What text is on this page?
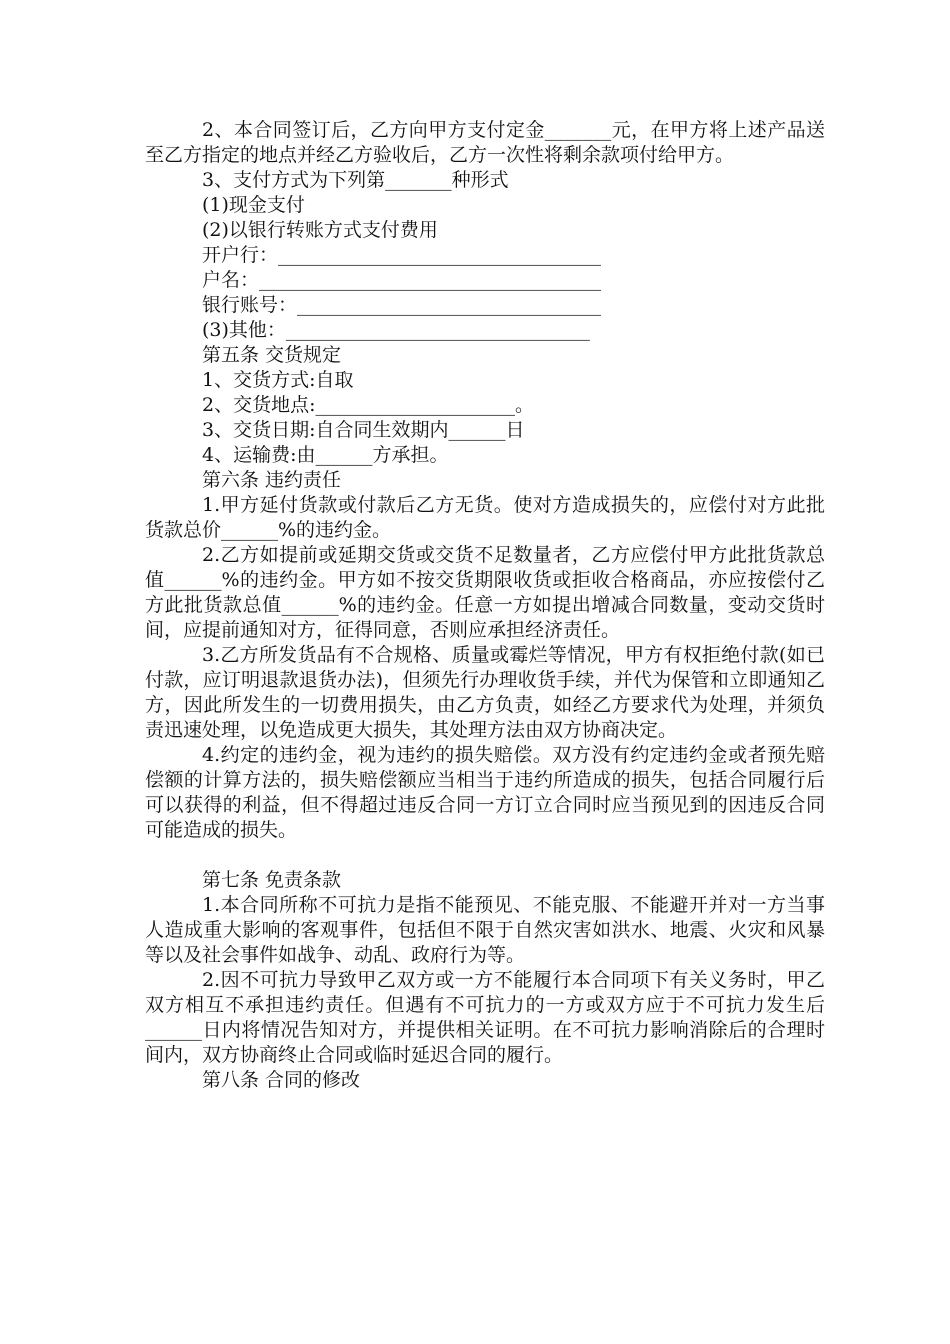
2、本合同签订后，乙方向甲方支付定金_______元，在甲方将上述产品送至乙方指定的地点并经乙方验收后，乙方一次性将剩余款项付给甲方。

3、支付方式为下列第_______种形式

(1)现金支付

(2)以银行转账方式支付费用

开户行：__________________________________

户名：____________________________________

银行账号：________________________________

(3)其他：________________________________

第五条 交货规定

1、交货方式:自取

2、交货地点:_____________________。

3、交货日期:自合同生效期内______日

4、运输费:由______方承担。

第六条 违约责任

1.甲方延付货款或付款后乙方无货。使对方造成损失的，应偿付对方此批货款总价______%的违约金。

2.乙方如提前或延期交货或交货不足数量者，乙方应偿付甲方此批货款总值______%的违约金。甲方如不按交货期限收货或拒收合格商品，亦应按偿付乙方此批货款总值______%的违约金。任意一方如提出增减合同数量，变动交货时间，应提前通知对方，征得同意，否则应承担经济责任。

3.乙方所发货品有不合规格、质量或霉烂等情况，甲方有权拒绝付款(如已付款，应订明退款退货办法)，但须先行办理收货手续，并代为保管和立即通知乙方，因此所发生的一切费用损失，由乙方负责，如经乙方要求代为处理，并须负责迅速处理，以免造成更大损失，其处理方法由双方协商决定。

4.约定的违约金，视为违约的损失赔偿。双方没有约定违约金或者预先赔偿额的计算方法的，损失赔偿额应当相当于违约所造成的损失，包括合同履行后可以获得的利益，但不得超过违反合同一方订立合同时应当预见到的因违反合同可能造成的损失。

第七条 免责条款

1.本合同所称不可抗力是指不能预见、不能克服、不能避开并对一方当事人造成重大影响的客观事件，包括但不限于自然灾害如洪水、地震、火灾和风暴等以及社会事件如战争、动乱、政府行为等。

2.因不可抗力导致甲乙双方或一方不能履行本合同项下有关义务时，甲乙双方相互不承担违约责任。但遇有不可抗力的一方或双方应于不可抗力发生后______日内将情况告知对方，并提供相关证明。在不可抗力影响消除后的合理时间内，双方协商终止合同或临时延迟合同的履行。

第八条 合同的修改
